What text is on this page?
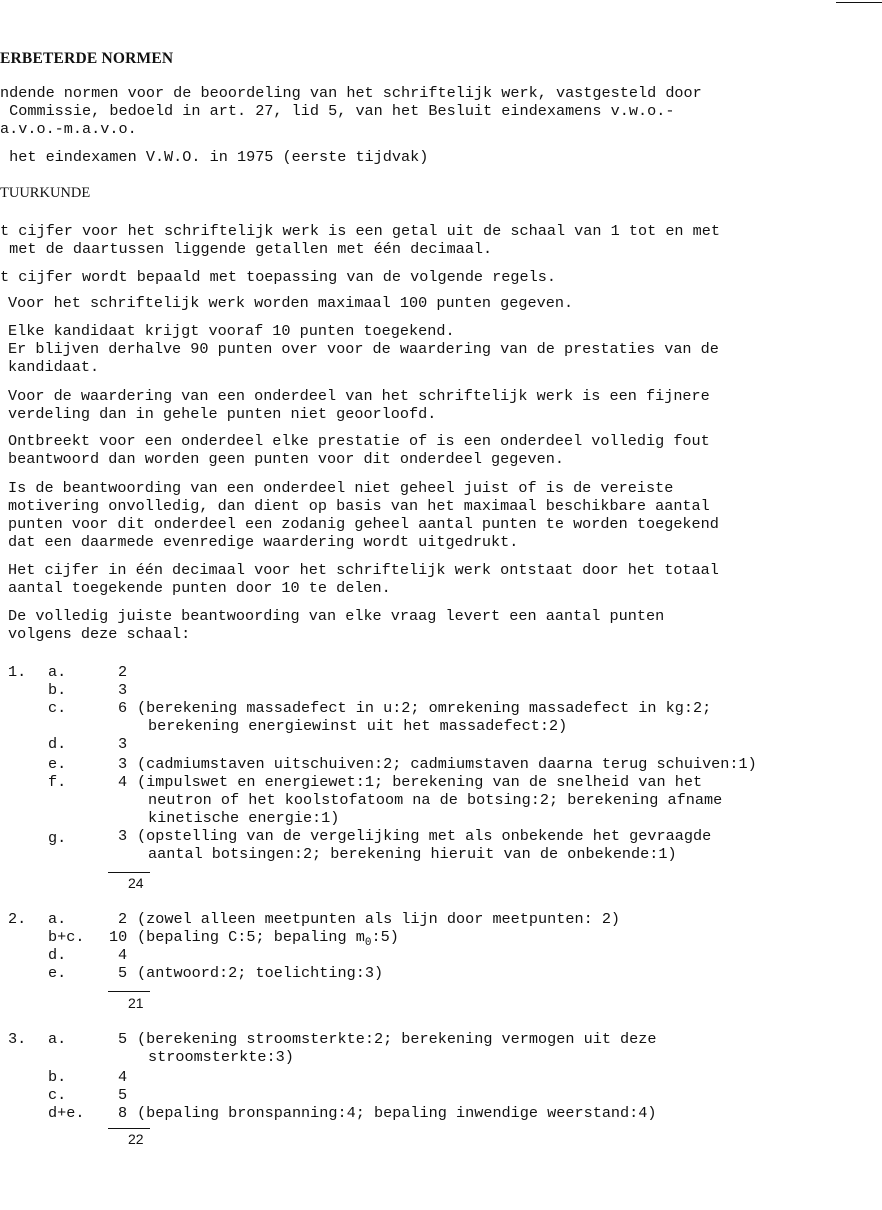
ERBETERDE NORMEN
ndende normen voor de beoordeling van het schriftelijk werk, vastgesteld door
Commissie, bedoeld in art. 27, lid 5, van het Besluit eindexamens v.w.o.-
a.v.o.-m.a.v.o.
het eindexamen V.W.O. in 1975 (eerste tijdvak)
TUURKUNDE
t cijfer voor het schriftelijk werk is een getal uit de schaal van 1 tot en met
met de daartussen liggende getallen met één decimaal.
t cijfer wordt bepaald met toepassing van de volgende regels.
Voor het schriftelijk werk worden maximaal 100 punten gegeven.
Elke kandidaat krijgt vooraf 10 punten toegekend.
Er blijven derhalve 90 punten over voor de waardering van de prestaties van de
kandidaat.
Voor de waardering van een onderdeel van het schriftelijk werk is een fijnere
verdeling dan in gehele punten niet geoorloofd.
Ontbreekt voor een onderdeel elke prestatie of is een onderdeel volledig fout
beantwoord dan worden geen punten voor dit onderdeel gegeven.
Is de beantwoording van een onderdeel niet geheel juist of is de vereiste
motivering onvolledig, dan dient op basis van het maximaal beschikbare aantal
punten voor dit onderdeel een zodanig geheel aantal punten te worden toegekend
dat een daarmede evenredige waardering wordt uitgedrukt.
Het cijfer in één decimaal voor het schriftelijk werk ontstaat door het totaal
aantal toegekende punten door 10 te delen.
De volledig juiste beantwoording van elke vraag levert een aantal punten
volgens deze schaal:
1. a.	2
b.	3
c.	6 (berekening massadefect in u:2; omrekening massadefect in kg:2;
berekening energiewinst uit het massadefect:2)
d.	3
e.	3 (cadmiumstaven uitschuiven:2; cadmiumstaven daarna terug schuiven:1)
f.	4 (impulswet en energiewet:1; berekening van de snelheid van het
neutron of het koolstofatoom na de botsing:2; berekening afname
kinetische energie:1)
g.	3 (opstelling van de vergelijking met als onbekende het gevraagde
aantal botsingen:2; berekening hieruit van de onbekende:1)
24
2. a.	2 (zowel alleen meetpunten als lijn door meetpunten: 2)
b+c. 10 (bepaling C:5; bepaling $m_0:5$)
d.	4
e.	5 (antwoord:2; toelichting:3)
21
3. a.	5 (berekening stroomsterkte:2; berekening vermogen uit deze
stroomsterkte:3)
b.	4
c.	5
d+e. 8 (bepaling bronspanning:4; bepaling inwendige weerstand:4)
22
